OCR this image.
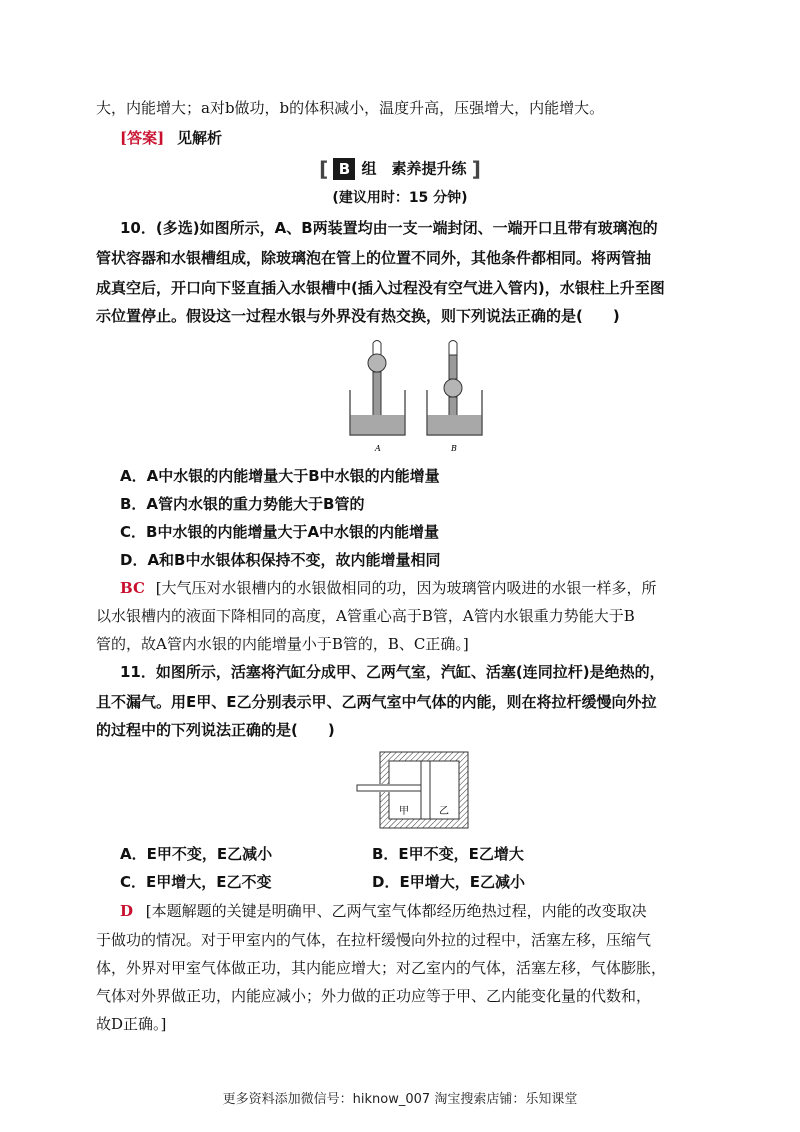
大，内能增大；a对b做功，b的体积减小，温度升高，压强增大，内能增大。
[答案] 见解析
[ B 组　素养提升练 ]
(建议用时：15 分钟)
10．(多选)如图所示，A、B两装置均由一支一端封闭、一端开口且带有玻璃泡的
管状容器和水银槽组成，除玻璃泡在管上的位置不同外，其他条件都相同。将两管抽
成真空后，开口向下竖直插入水银槽中(插入过程没有空气进入管内)，水银柱上升至图
示位置停止。假设这一过程水银与外界没有热交换，则下列说法正确的是(　　)
A	B
A．A中水银的内能增量大于B中水银的内能增量
B．A管内水银的重力势能大于B管的
C．B中水银的内能增量大于A中水银的内能增量
D．A和B中水银体积保持不变，故内能增量相同
BC [大气压对水银槽内的水银做相同的功，因为玻璃管内吸进的水银一样多，所
以水银槽内的液面下降相同的高度，A管重心高于B管，A管内水银重力势能大于B
管的，故A管内水银的内能增量小于B管的，B、C正确。]
11．如图所示，活塞将汽缸分成甲、乙两气室，汽缸、活塞(连同拉杆)是绝热的，
且不漏气。用E甲、E乙分别表示甲、乙两气室中气体的内能，则在将拉杆缓慢向外拉
的过程中的下列说法正确的是(　　)
甲	乙
A．E甲不变，E乙减小	B．E甲不变，E乙增大
C．E甲增大，E乙不变	D．E甲增大，E乙减小
D [本题解题的关键是明确甲、乙两气室气体都经历绝热过程，内能的改变取决
于做功的情况。对于甲室内的气体，在拉杆缓慢向外拉的过程中，活塞左移，压缩气
体，外界对甲室气体做正功，其内能应增大；对乙室内的气体，活塞左移，气体膨胀，
气体对外界做正功，内能应减小；外力做的正功应等于甲、乙内能变化量的代数和，
故D正确。]
更多资料添加微信号：hiknow_007 淘宝搜索店铺：乐知课堂
